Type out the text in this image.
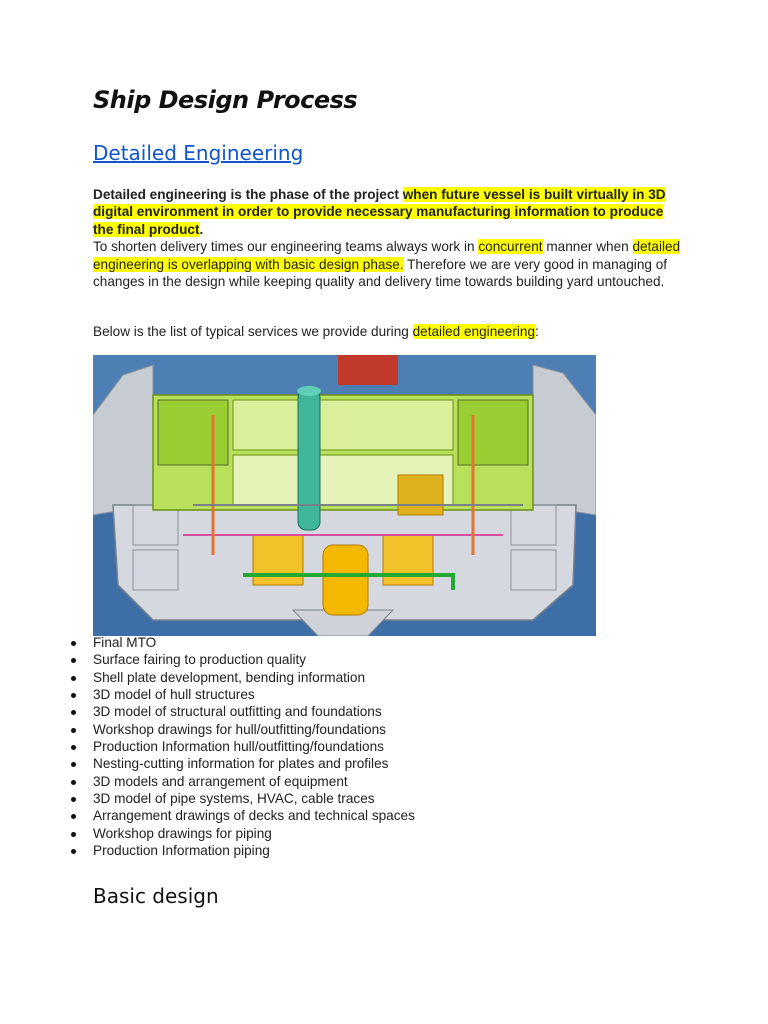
Ship Design Process
Detailed Engineering

Detailed engineering is the phase of the project when future vessel is built virtually in 3D digital environment in order to provide necessary manufacturing information to produce the final product.
To shorten delivery times our engineering teams always work in concurrent manner when detailed engineering is overlapping with basic design phase. Therefore we are very good in managing of changes in the design while keeping quality and delivery time towards building yard untouched.

Below is the list of typical services we provide during detailed engineering:

Final MTO
Surface fairing to production quality
Shell plate development, bending information
3D model of hull structures
3D model of structural outfitting and foundations
Workshop drawings for hull/outfitting/foundations
Production Information hull/outfitting/foundations
Nesting-cutting information for plates and profiles
3D models and arrangement of equipment
3D model of pipe systems, HVAC, cable traces
Arrangement drawings of decks and technical spaces
Workshop drawings for piping
Production Information piping
Basic design
